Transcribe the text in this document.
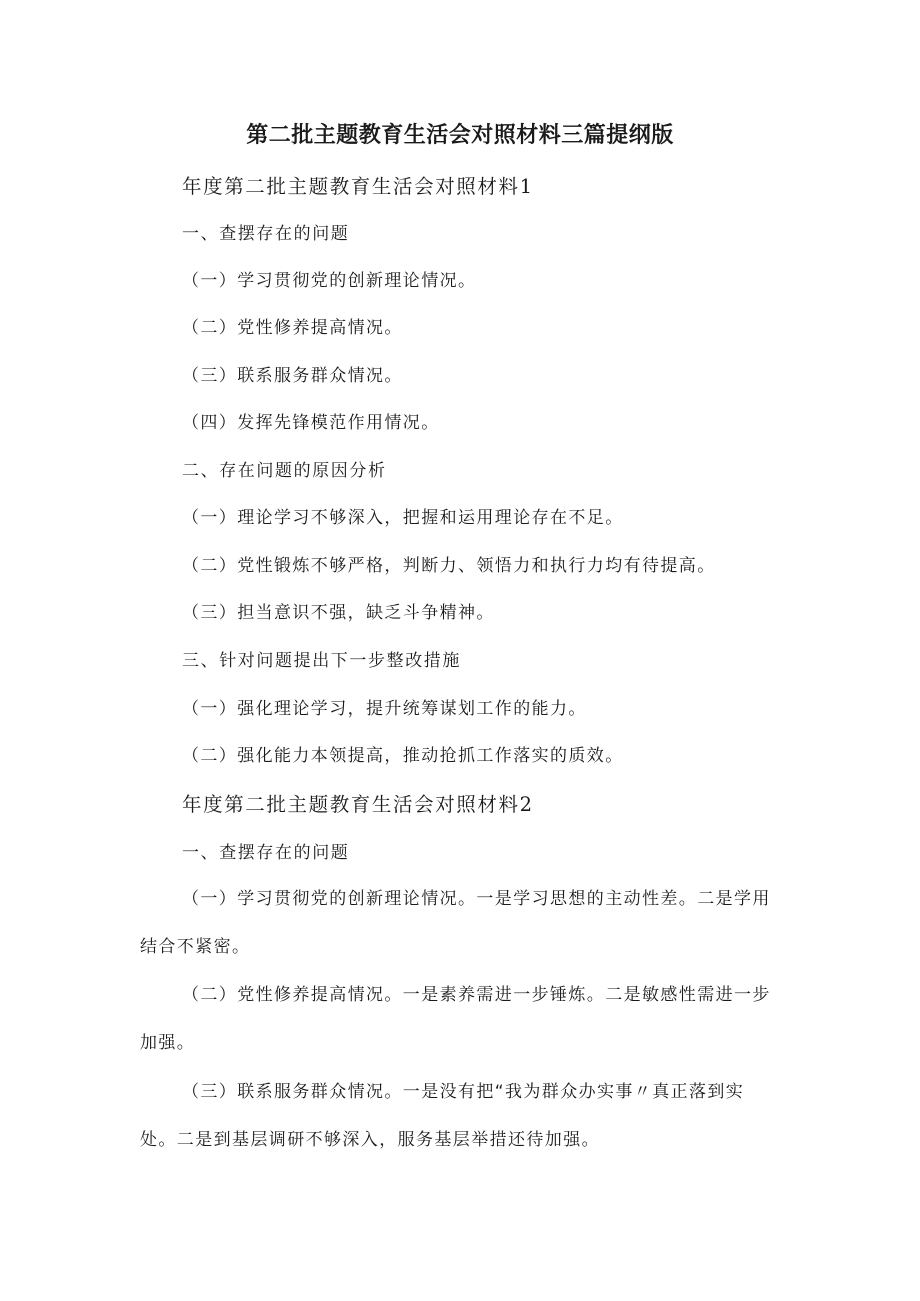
第二批主题教育生活会对照材料三篇提纲版
年度第二批主题教育生活会对照材料1
一、查摆存在的问题
（一）学习贯彻党的创新理论情况。
（二）党性修养提高情况。
（三）联系服务群众情况。
（四）发挥先锋模范作用情况。
二、存在问题的原因分析
（一）理论学习不够深入，把握和运用理论存在不足。
（二）党性锻炼不够严格，判断力、领悟力和执行力均有待提高。
（三）担当意识不强，缺乏斗争精神。
三、针对问题提出下一步整改措施
（一）强化理论学习，提升统筹谋划工作的能力。
（二）强化能力本领提高，推动抢抓工作落实的质效。
年度第二批主题教育生活会对照材料2
一、查摆存在的问题
（一）学习贯彻党的创新理论情况。一是学习思想的主动性差。二是学用
结合不紧密。
（二）党性修养提高情况。一是素养需进一步锤炼。二是敏感性需进一步
加强。
（三）联系服务群众情况。一是没有把“我为群众办实事〃真正落到实
处。二是到基层调研不够深入，服务基层举措还待加强。
